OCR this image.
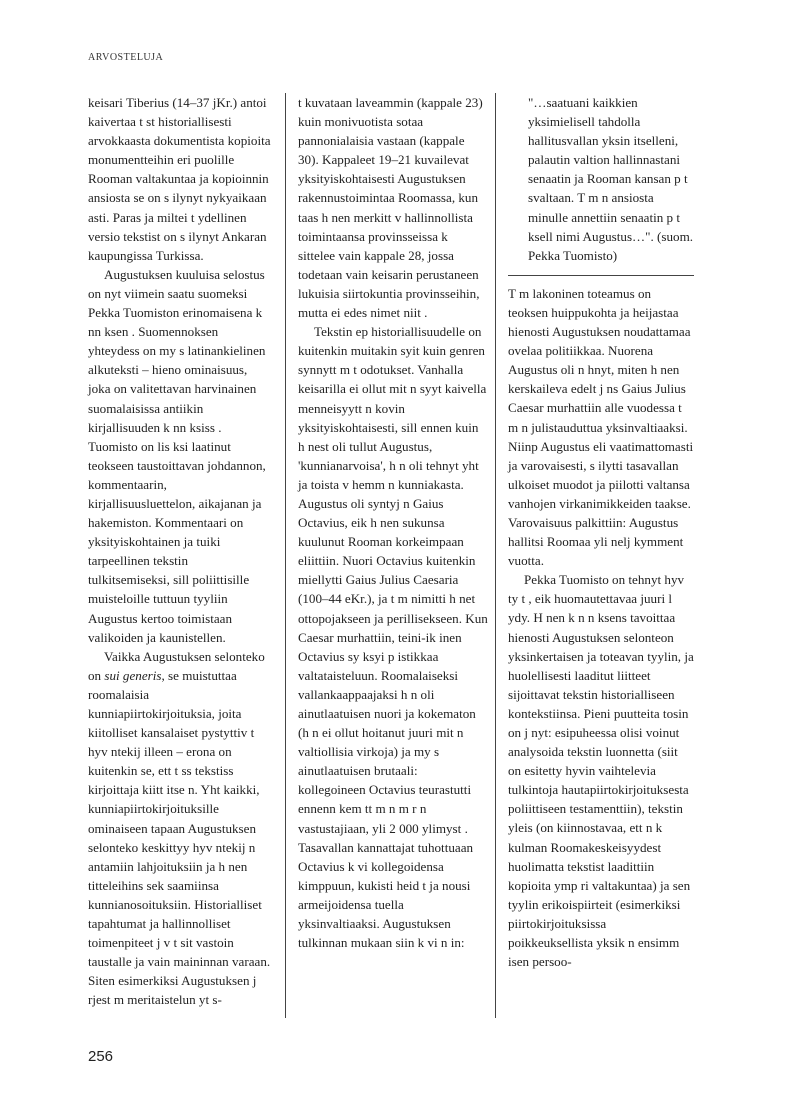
ARVOSTELUJA

keisari Tiberius (14–37 jKr.) antoi kaivertaa t st historiallisesti arvokkaasta dokumentista kopioita monumentteihin eri puolille Rooman valtakuntaa ja kopioinnin ansiosta se on s ilynyt nykyaikaan asti. Paras ja miltei t ydellinen versio tekstist on s ilynyt Ankaran kaupungissa Turkissa.

Augustuksen kuuluisa selostus on nyt viimein saatu suomeksi Pekka Tuomiston erinomaisena k nn ksen . Suomennoksen yhteydess on my s latinankielinen alkuteksti – hieno ominaisuus, joka on valitettavan harvinainen suomalaisissa antiikin kirjallisuuden k nn ksiss . Tuomisto on lis ksi laatinut teokseen taustoittavan johdannon, kommentaarin, kirjallisuusluettelon, aikajanan ja hakemiston. Kommentaari on yksityiskohtainen ja tuiki tarpeellinen tekstin tulkitsemiseksi, sill poliittisille muisteloille tuttuun tyyliin Augustus kertoo toimistaan valikoiden ja kaunistellen.

Vaikka Augustuksen selonteko on sui generis, se muistuttaa roomalaisia kunniapiirtokirjoituksia, joita kiitolliset kansalaiset pystyttiv t hyv ntekij illeen – erona on kuitenkin se, ett t ss tekstiss kirjoittaja kiitt itse n. Yht kaikki, kunniapiirtokirjoituksille ominaiseen tapaan Augustuksen selonteko keskittyy hyv ntekij n antamiin lahjoituksiin ja h nen titteleihins sek saamiinsa kunnianosoituksiin. Historialliset tapahtumat ja hallinnolliset toimenpiteet j v t sit vastoin taustalle ja vain maininnan varaan. Siten esimerkiksi Augustuksen j rjest m meritaistelun yt s-

t kuvataan laveammin (kappale 23) kuin monivuotista sotaa pannonialaisia vastaan (kappale 30). Kappaleet 19–21 kuvailevat yksityiskohtaisesti Augustuksen rakennustoimintaa Roomassa, kun taas h nen merkitt v hallinnollista toimintaansa provinsseissa k sittelee vain kappale 28, jossa todetaan vain keisarin perustaneen lukuisia siirtokuntia provinsseihin, mutta ei edes nimet niit .

Tekstin ep historiallisuudelle on kuitenkin muitakin syit kuin genren synnytt m t odotukset. Vanhalla keisarilla ei ollut mit n syyt kaivella menneisyytt n kovin yksityiskohtaisesti, sill ennen kuin h nest oli tullut Augustus, 'kunnianarvoisa', h n oli tehnyt yht ja toista v hemm n kunniakasta. Augustus oli syntyj n Gaius Octavius, eik h nen sukunsa kuulunut Rooman korkeimpaan eliittiin. Nuori Octavius kuitenkin miellytti Gaius Julius Caesaria (100–44 eKr.), ja t m nimitti h net ottopojakseen ja perillisekseen. Kun Caesar murhattiin, teini-ik inen Octavius sy ksyi p istikkaa valtataisteluun. Roomalaiseksi vallankaappaajaksi h n oli ainutlaatuisen nuori ja kokematon (h n ei ollut hoitanut juuri mit n valtiollisia virkoja) ja my s ainutlaatuisen brutaali: kollegoineen Octavius teurastutti ennenn kem tt m n m r n vastustajiaan, yli 2 000 ylimyst . Tasavallan kannattajat tuhottuaan Octavius k vi kollegoidensa kimppuun, kukisti heid t ja nousi armeijoidensa tuella yksinvaltiaaksi. Augustuksen tulkinnan mukaan siin k vi n in:

"…saatuani kaikkien yksimielisell tahdolla hallitusvallan yksin itselleni, palautin valtion hallinnastani senaatin ja Rooman kansan p t svaltaan. T m n ansiosta minulle annettiin senaatin p t ksell nimi Augustus…". (suom. Pekka Tuomisto)

T m lakoninen toteamus on teoksen huippukohta ja heijastaa hienosti Augustuksen noudattamaa ovelaa politiikkaa. Nuorena Augustus oli n hnyt, miten h nen kerskaileva edelt j ns Gaius Julius Caesar murhattiin alle vuodessa t m n julistauduttua yksinvaltiaaksi. Niinp Augustus eli vaatimattomasti ja varovaisesti, s ilytti tasavallan ulkoiset muodot ja piilotti valtansa vanhojen virkanimikkeiden taakse. Varovaisuus palkittiin: Augustus hallitsi Roomaa yli nelj kymment vuotta.

Pekka Tuomisto on tehnyt hyv ty t , eik huomautettavaa juuri l ydy. H nen k n n ksens tavoittaa hienosti Augustuksen selonteon yksinkertaisen ja toteavan tyylin, ja huolellisesti laaditut liitteet sijoittavat tekstin historialliseen kontekstiinsa. Pieni puutteita tosin on j nyt: esipuheessa olisi voinut analysoida tekstin luonnetta (siit on esitetty hyvin vaihtelevia tulkintoja hautapiirtokirjoituksesta poliittiseen testamenttiin), tekstin yleis (on kiinnostavaa, ett n k kulman Roomakeskeisyydest huolimatta tekstist laadittiin kopioita ymp ri valtakuntaa) ja sen tyylin erikoispiirteit (esimerkiksi piirtokirjoituksissa poikkeuksellista yksik n ensimm isen persoo-

256
